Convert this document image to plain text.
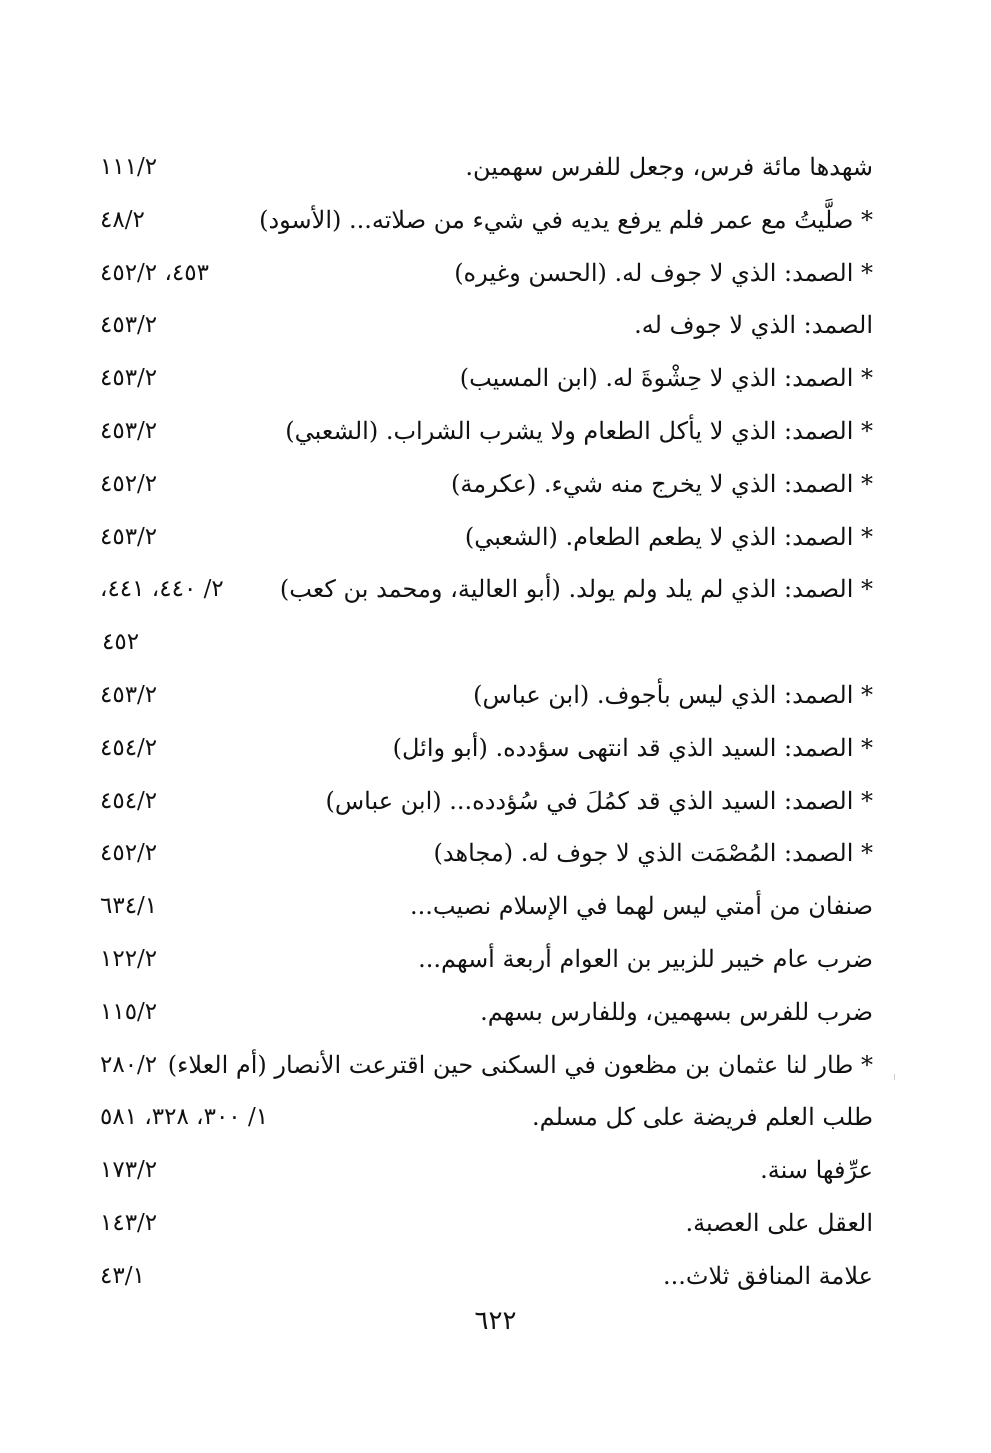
شهدها مائة فرس، وجعل للفرس سهمين.
١١١/٢
* صلَّيتُ مع عمر فلم يرفع يديه في شيء من صلاته... (الأسود)
٤٨/٢
* الصمد: الذي لا جوف له. (الحسن وغيره)
٤٥٣، ٤٥٢/٢
الصمد: الذي لا جوف له.
٤٥٣/٢
* الصمد: الذي لا حِشْوةَ له. (ابن المسيب)
٤٥٣/٢
* الصمد: الذي لا يأكل الطعام ولا يشرب الشراب. (الشعبي)
٤٥٣/٢
* الصمد: الذي لا يخرج منه شيء. (عكرمة)
٤٥٢/٢
* الصمد: الذي لا يطعم الطعام. (الشعبي)
٤٥٣/٢
* الصمد: الذي لم يلد ولم يولد. (أبو العالية، ومحمد بن كعب)
٢/ ٤٤٠، ٤٤١،
٤٥٢
* الصمد: الذي ليس بأجوف. (ابن عباس)
٤٥٣/٢
* الصمد: السيد الذي قد انتهى سؤدده. (أبو وائل)
٤٥٤/٢
* الصمد: السيد الذي قد كمُلَ في سُؤدده... (ابن عباس)
٤٥٤/٢
* الصمد: المُصْمَت الذي لا جوف له. (مجاهد)
٤٥٢/٢
صنفان من أمتي ليس لهما في الإسلام نصيب...
٦٣٤/١
ضرب عام خيبر للزبير بن العوام أربعة أسهم...
١٢٢/٢
ضرب للفرس بسهمين، وللفارس بسهم.
١١٥/٢
* طار لنا عثمان بن مظعون في السكنى حين اقترعت الأنصار (أم العلاء)
٢٨٠/٢
طلب العلم فريضة على كل مسلم.
١/ ٣٠٠، ٣٢٨، ٥٨١
عرِّفها سنة.
١٧٣/٢
العقل على العصبة.
١٤٣/٢
علامة المنافق ثلاث...
٤٣/١
٦٢٢
